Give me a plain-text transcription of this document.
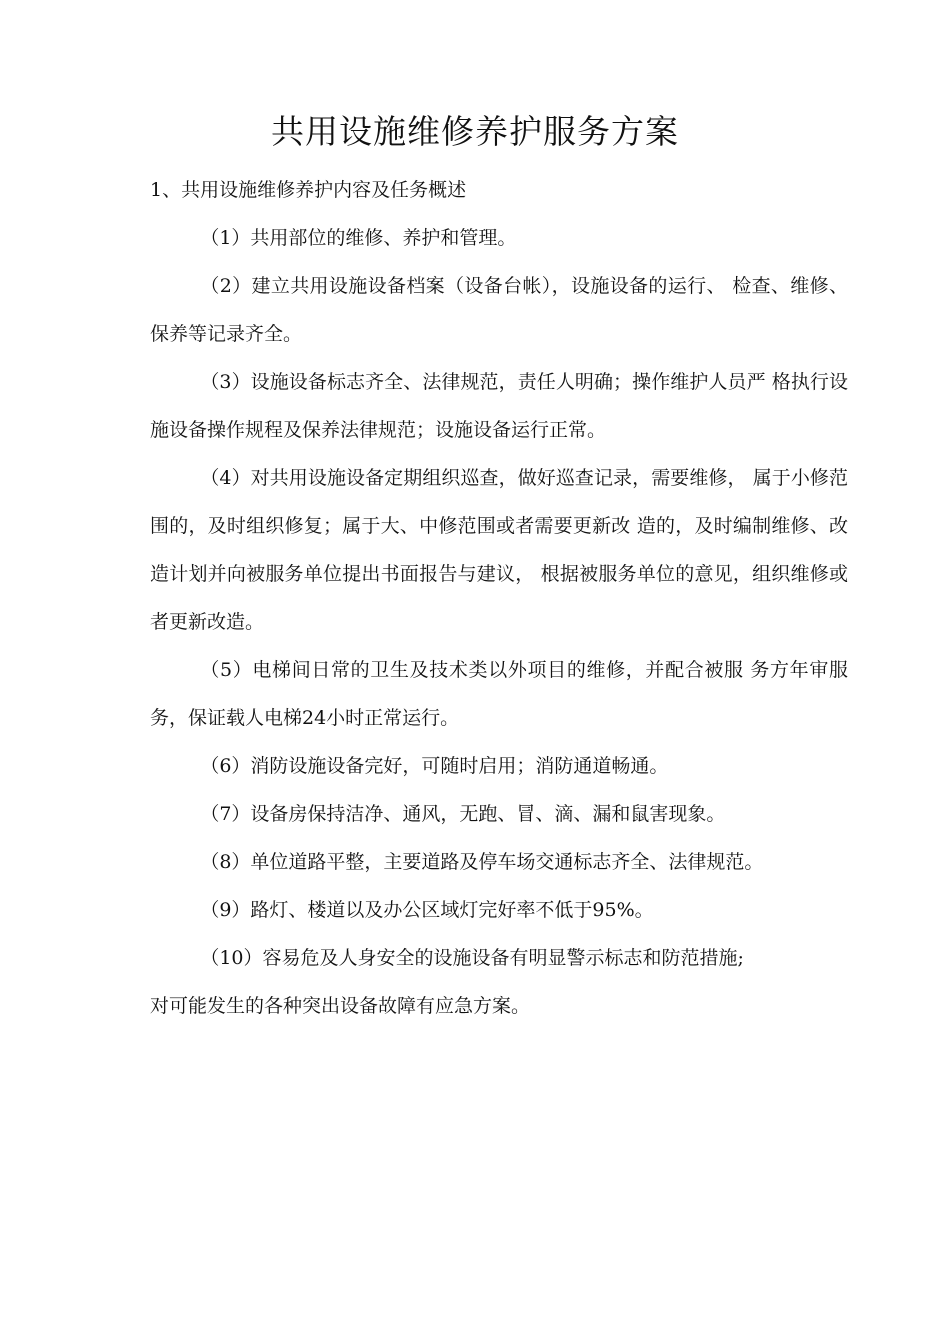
共用设施维修养护服务方案
1、共用设施维修养护内容及任务概述

（1）共用部位的维修、养护和管理。

（2）建立共用设施设备档案（设备台帐），设施设备的运行、 检查、维修、保养等记录齐全。

（3）设施设备标志齐全、法律规范，责任人明确；操作维护人员严 格执行设施设备操作规程及保养法律规范；设施设备运行正常。

（4）对共用设施设备定期组织巡查，做好巡查记录，需要维修， 属于小修范围的，及时组织修复；属于大、中修范围或者需要更新改 造的，及时编制维修、改造计划并向被服务单位提出书面报告与建议， 根据被服务单位的意见，组织维修或者更新改造。

（5）电梯间日常的卫生及技术类以外项目的维修，并配合被服 务方年审服务，保证载人电梯24小时正常运行。

（6）消防设施设备完好，可随时启用；消防通道畅通。

（7）设备房保持洁净、通风，无跑、冒、滴、漏和鼠害现象。

（8）单位道路平整，主要道路及停车场交通标志齐全、法律规范。

（9）路灯、楼道以及办公区域灯完好率不低于95%。

（10）容易危及人身安全的设施设备有明显警示标志和防范措施;

对可能发生的各种突出设备故障有应急方案。
